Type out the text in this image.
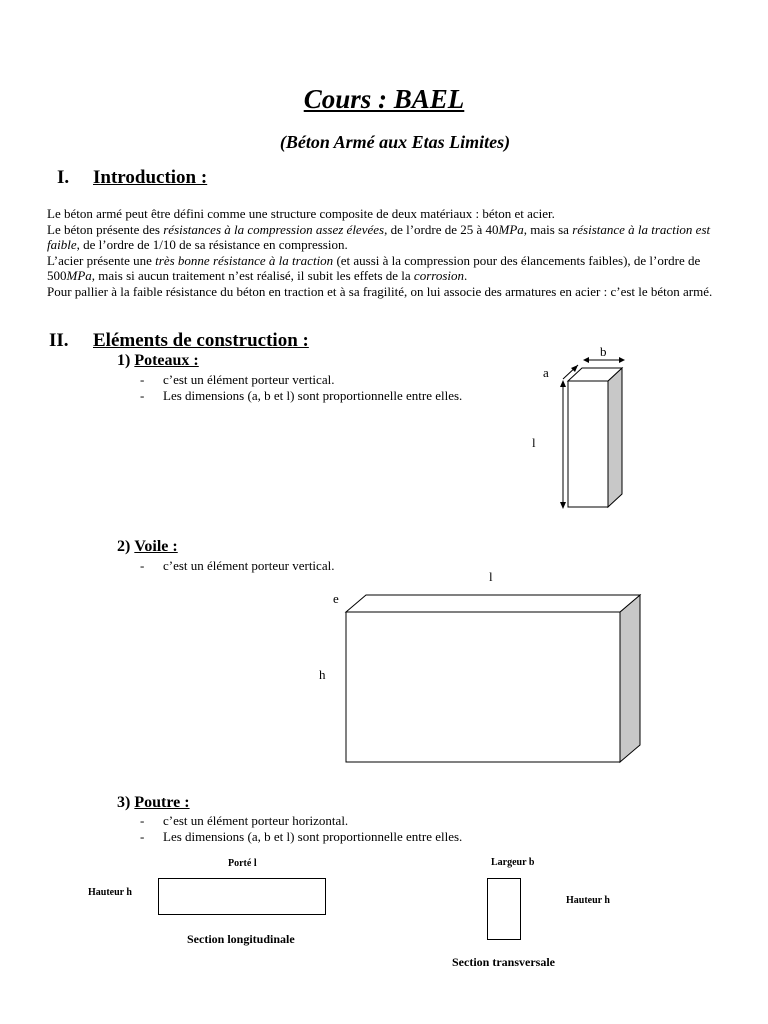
Cours : BAEL
(Béton Armé aux Etas Limites)
I. Introduction :

Le béton armé peut être défini comme une structure composite de deux matériaux : béton et acier.

Le béton présente des résistances à la compression assez élevées, de l’ordre de 25 à 40MPa, mais sa résistance à la traction est faible, de l’ordre de 1/10 de sa résistance en compression.

L’acier présente une très bonne résistance à la traction (et aussi à la compression pour des élancements faibles), de l’ordre de 500MPa, mais si aucun traitement n’est réalisé, il subit les effets de la corrosion.

Pour pallier à la faible résistance du béton en traction et à sa fragilité, on lui associe des armatures en acier : c’est le béton armé.

II. Eléments de construction :
1) Poteaux :
- c’est un élément porteur vertical.
- Les dimensions (a, b et l) sont proportionnelle entre elles.
a
b
l
2) Voile :
- c’est un élément porteur vertical.
l
e
h
3) Poutre :
- c’est un élément porteur horizontal.
- Les dimensions (a, b et l) sont proportionnelle entre elles.
Porté l
Hauteur h
Section longitudinale
Largeur b
Hauteur h
Section transversale
